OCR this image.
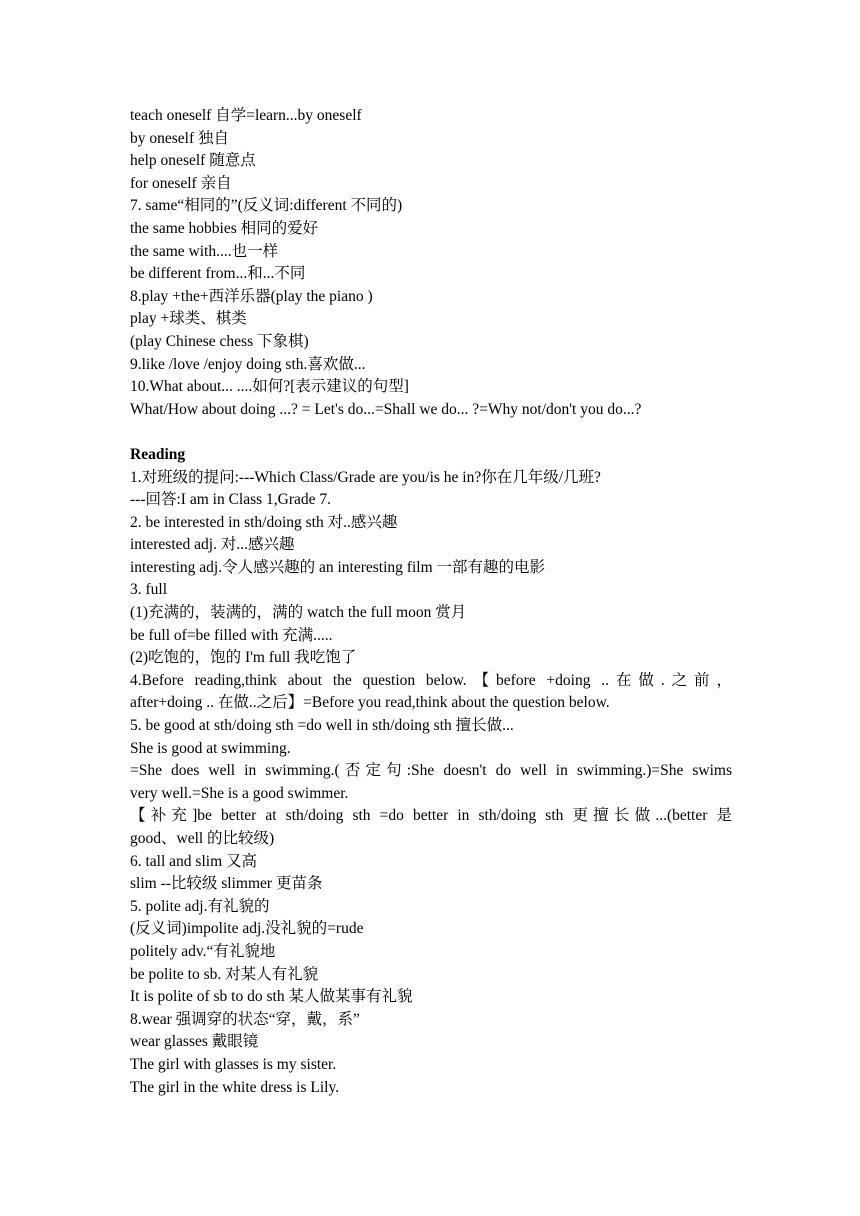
teach oneself 自学=learn...by oneself
by oneself 独自
help oneself 随意点
for oneself 亲自
7. same“相同的”(反义词:different 不同的)
the same hobbies 相同的爱好
the same with....也一样
be different from...和...不同
8.play +the+西洋乐器(play the piano )
play +球类、棋类
(play Chinese chess 下象棋)
9.like /love /enjoy doing sth.喜欢做...
10.What about... ....如何?[表示建议的句型]
What/How about doing ...? = Let's do...=Shall we do... ?=Why not/don't you do...?
Reading
1.对班级的提问:---Which Class/Grade are you/is he in?你在几年级/几班?
---回答:I am in Class 1,Grade 7.
2. be interested in sth/doing sth 对..感兴趣
interested adj. 对...感兴趣
interesting adj.令人感兴趣的 an interesting film 一部有趣的电影
3. full
(1)充满的，装满的，满的 watch the full moon 赏月
be full of=be filled with 充满.....
(2)吃饱的，饱的 I'm full 我吃饱了
4.Before reading,think about the question below.【before +doing ..在做.之前，
after+doing .. 在做..之后】=Before you read,think about the question below.
5. be good at sth/doing sth =do well in sth/doing sth 擅长做...
She is good at swimming.
=She does well in swimming.(否定句:She doesn't do well in swimming.)=She swims
very well.=She is a good swimmer.
【补充]be better at sth/doing sth =do better in sth/doing sth 更擅长做...(better 是
good、well 的比较级)
6. tall and slim 又高
slim --比较级 slimmer 更苗条
5. polite adj.有礼貌的
(反义词)impolite adj.没礼貌的=rude
politely adv.“有礼貌地
be polite to sb. 对某人有礼貌
It is polite of sb to do sth 某人做某事有礼貌
8.wear 强调穿的状态“穿，戴，系”
wear glasses 戴眼镜
The girl with glasses is my sister.
The girl in the white dress is Lily.
